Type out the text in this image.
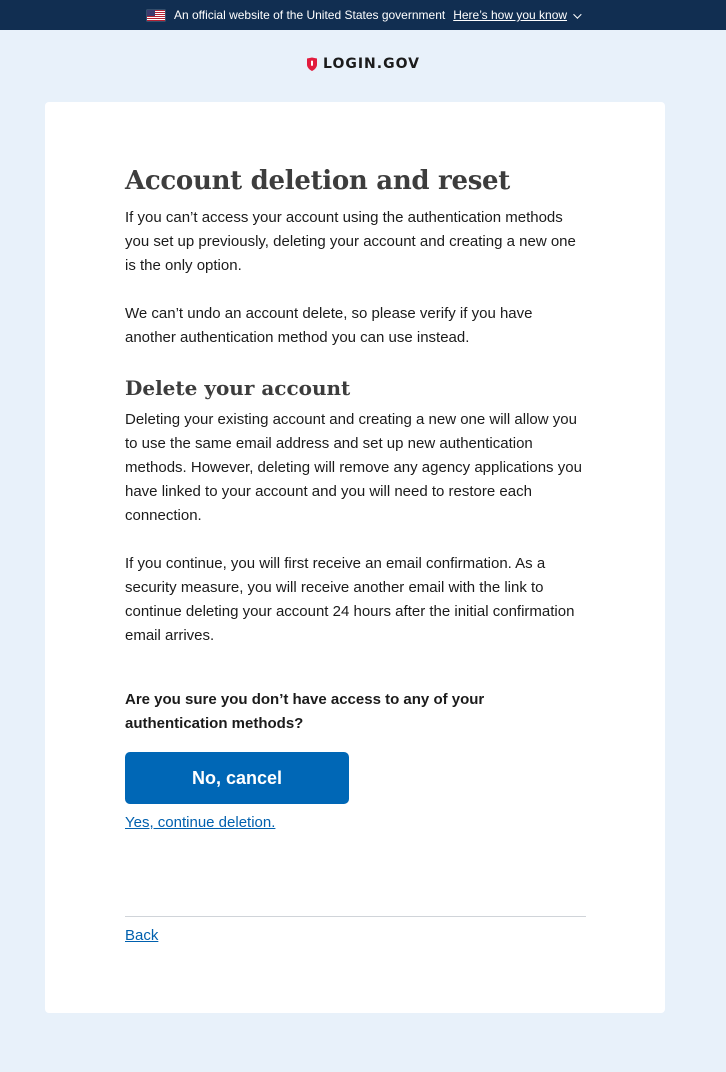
An official website of the United States government Here’s how you know
LOGIN.GOV
Account deletion and reset

If you can’t access your account using the authentication methods you set up previously, deleting your account and creating a new one is the only option.

We can’t undo an account delete, so please verify if you have another authentication method you can use instead.

Delete your account

Deleting your existing account and creating a new one will allow you to use the same email address and set up new authentication methods. However, deleting will remove any agency applications you have linked to your account and you will need to restore each connection.

If you continue, you will first receive an email confirmation. As a security measure, you will receive another email with the link to continue deleting your account 24 hours after the initial confirmation email arrives.

Are you sure you don’t have access to any of your authentication methods?

No, cancel
Yes, continue deletion.
Back
